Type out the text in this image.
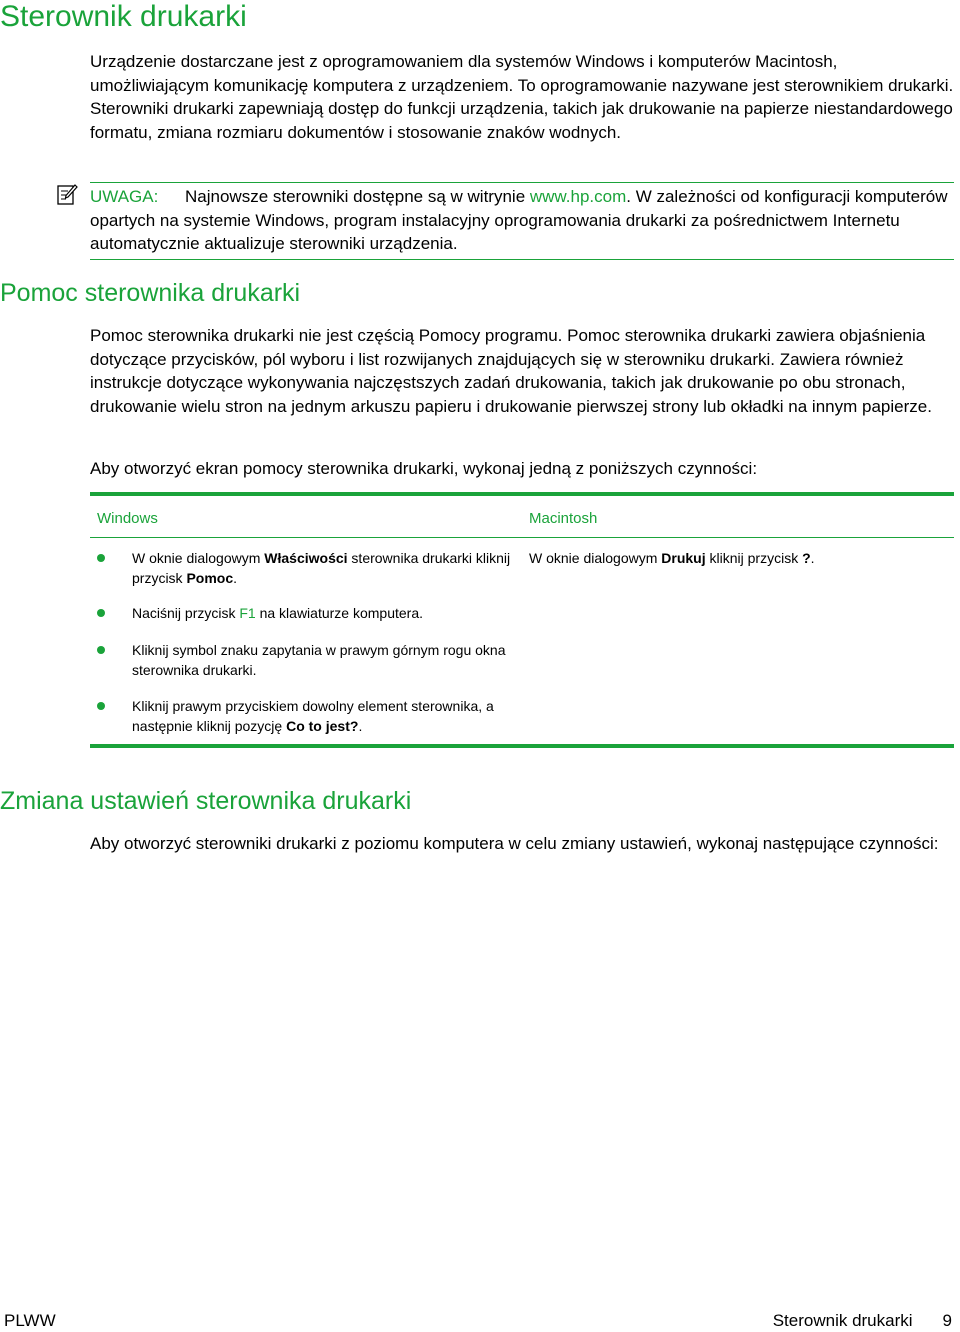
Sterownik drukarki

Urządzenie dostarczane jest z oprogramowaniem dla systemów Windows i komputerów Macintosh, umożliwiającym komunikację komputera z urządzeniem. To oprogramowanie nazywane jest sterownikiem drukarki. Sterowniki drukarki zapewniają dostęp do funkcji urządzenia, takich jak drukowanie na papierze niestandardowego formatu, zmiana rozmiaru dokumentów i stosowanie znaków wodnych.

UWAGA: Najnowsze sterowniki dostępne są w witrynie www.hp.com. W zależności od konfiguracji komputerów opartych na systemie Windows, program instalacyjny oprogramowania drukarki za pośrednictwem Internetu automatycznie aktualizuje sterowniki urządzenia.
Pomoc sterownika drukarki

Pomoc sterownika drukarki nie jest częścią Pomocy programu. Pomoc sterownika drukarki zawiera objaśnienia dotyczące przycisków, pól wyboru i list rozwijanych znajdujących się w sterowniku drukarki. Zawiera również instrukcje dotyczące wykonywania najczęstszych zadań drukowania, takich jak drukowanie po obu stronach, drukowanie wielu stron na jednym arkuszu papieru i drukowanie pierwszej strony lub okładki na innym papierze.

Aby otworzyć ekran pomocy sterownika drukarki, wykonaj jedną z poniższych czynności:

Windows	Macintosh
W oknie dialogowym Właściwości sterownika drukarki kliknij przycisk Pomoc.
Naciśnij przycisk F1 na klawiaturze komputera.
Kliknij symbol znaku zapytania w prawym górnym rogu okna sterownika drukarki.
Kliknij prawym przyciskiem dowolny element sterownika, a następnie kliknij pozycję Co to jest?.
W oknie dialogowym Drukuj kliknij przycisk ?.
Zmiana ustawień sterownika drukarki

Aby otworzyć sterowniki drukarki z poziomu komputera w celu zmiany ustawień, wykonaj następujące czynności:

PLWW	Sterownik drukarki 9
